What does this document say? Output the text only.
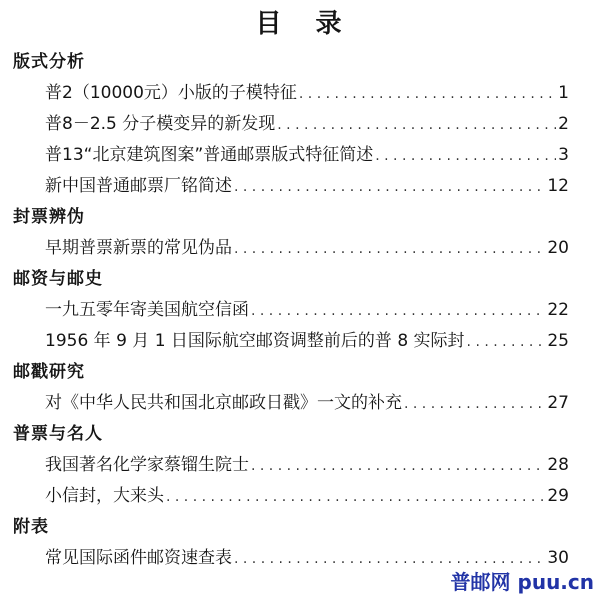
目　录
版式分析
普2（10000元）小版的子模特征 . . .	1
普8－2.5 分子模变异的新发现 . . .	2
普13“北京建筑图案”普通邮票版式特征简述 . . .	3
新中国普通邮票厂铭简述 . . .	12
封票辨伪
早期普票新票的常见伪品 . . .	20
邮资与邮史
一九五零年寄美国航空信函 . . .	22
1956 年 9 月 1 日国际航空邮资调整前后的普 8 实际封 . . .	25
邮戳研究
对《中华人民共和国北京邮政日戳》一文的补充 . . .	27
普票与名人
我国著名化学家蔡镏生院士 . . .	28
小信封，大来头 . . .	29
附表
常见国际函件邮资速查表 . . .	30
普邮网 puu.cn
